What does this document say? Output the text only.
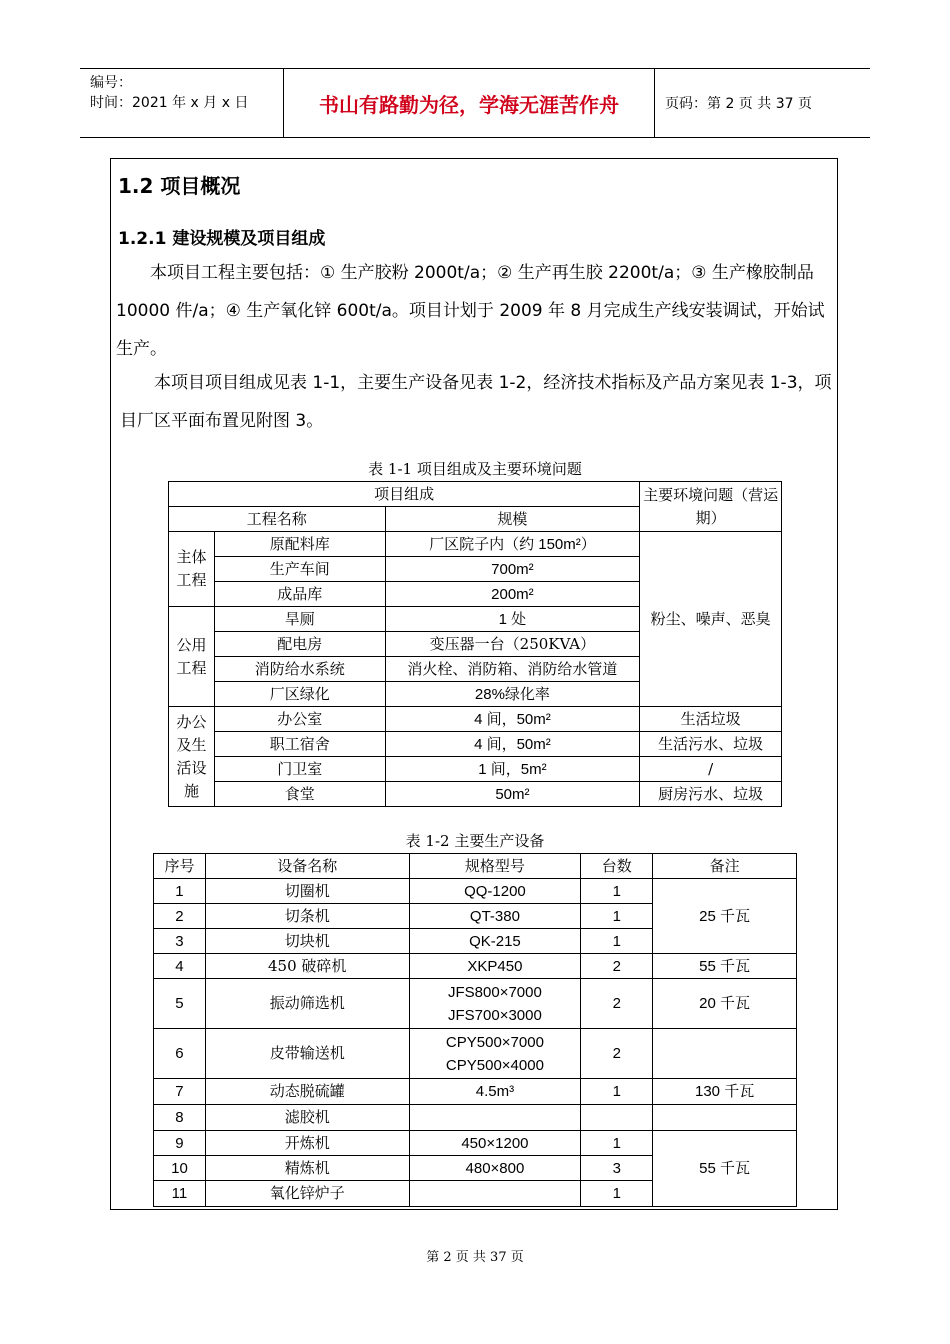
编号：
时间：2021 年 x 月 x 日	书山有路勤为径，学海无涯苦作舟	页码：第 2 页 共 37 页
1.2 项目概况
1.2.1 建设规模及项目组成

本项目工程主要包括：① 生产胶粉 2000t/a；② 生产再生胶 2200t/a；③ 生产橡胶制品 10000 件/a；④ 生产氧化锌 600t/a。项目计划于 2009 年 8 月完成生产线安装调试，开始试生产。

本项目项目组成见表 1-1，主要生产设备见表 1-2，经济技术指标及产品方案见表 1-3，项目厂区平面布置见附图 3。

表 1-1 项目组成及主要环境问题
项目组成			主要环境问题（营运期）
工程名称		规模	
主体工程	原配料库	厂区院子内（约 150m²）	粉尘、噪声、恶臭
	生产车间	700m²	
	成品库	200m²	
公用工程	旱厕	1 处	
	配电房	变压器一台（250KVA）	
	消防给水系统	消火栓、消防箱、消防给水管道	
	厂区绿化	28%绿化率	
办公及生活设施	办公室	4 间，50m²	生活垃圾
	职工宿舍	4 间，50m²	生活污水、垃圾
	门卫室	1 间，5m²	/
	食堂	50m²	厨房污水、垃圾
表 1-2 主要生产设备
序号	设备名称	规格型号	台数	备注
1	切圈机	QQ-1200	1	25 千瓦
2	切条机	QT-380	1	
3	切块机	QK-215	1	
4	450 破碎机	XKP450	2	55 千瓦
5	振动筛选机	JFS800×7000
JFS700×3000	2	20 千瓦
6	皮带输送机	CPY500×7000
CPY500×4000	2	
7	动态脱硫罐	4.5m³	1	130 千瓦
8	滤胶机			
9	开炼机	450×1200	1	55 千瓦
10	精炼机	480×800	3	
11	氧化锌炉子		1	
第 2 页 共 37 页
